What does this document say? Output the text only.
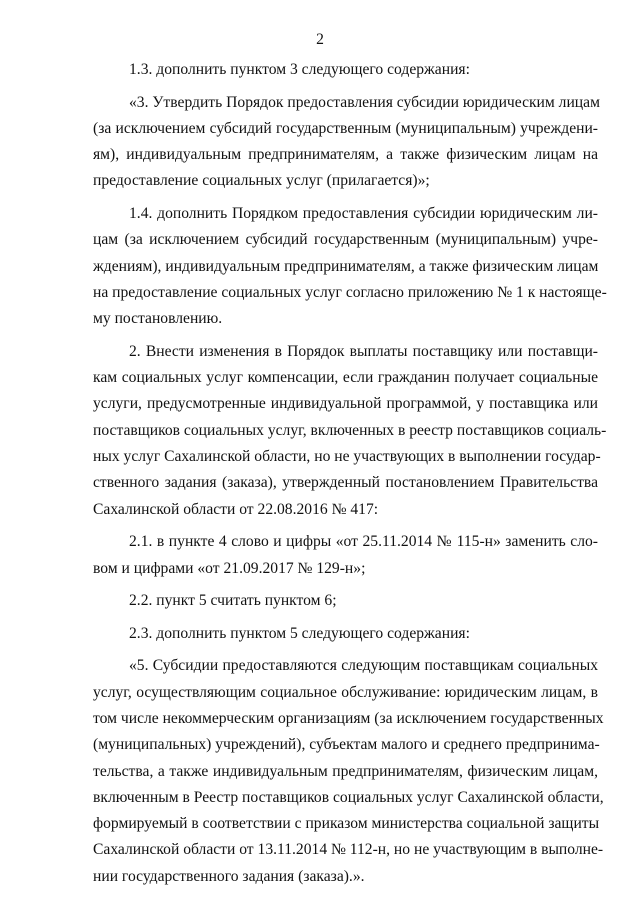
2
1.3. дополнить пунктом 3 следующего содержания:
«3. Утвердить Порядок предоставления субсидии юридическим лицам
(за исключением субсидий государственным (муниципальным) учреждени-
ям), индивидуальным предпринимателям, а также физическим лицам на
предоставление социальных услуг (прилагается)»;
1.4. дополнить Порядком предоставления субсидии юридическим ли-
цам (за исключением субсидий государственным (муниципальным) учре-
ждениям), индивидуальным предпринимателям, а также физическим лицам
на предоставление социальных услуг согласно приложению № 1 к настояще-
му постановлению.
2. Внести изменения в Порядок выплаты поставщику или поставщи-
кам социальных услуг компенсации, если гражданин получает социальные
услуги, предусмотренные индивидуальной программой, у поставщика или
поставщиков социальных услуг, включенных в реестр поставщиков социаль-
ных услуг Сахалинской области, но не участвующих в выполнении государ-
ственного задания (заказа), утвержденный постановлением Правительства
Сахалинской области от 22.08.2016 № 417:
2.1. в пункте 4 слово и цифры «от 25.11.2014 № 115-н» заменить сло-
вом и цифрами «от 21.09.2017 № 129-н»;
2.2. пункт 5 считать пунктом 6;
2.3. дополнить пунктом 5 следующего содержания:
«5. Субсидии предоставляются следующим поставщикам социальных
услуг, осуществляющим социальное обслуживание: юридическим лицам, в
том числе некоммерческим организациям (за исключением государственных
(муниципальных) учреждений), субъектам малого и среднего предпринима-
тельства, а также индивидуальным предпринимателям, физическим лицам,
включенным в Реестр поставщиков социальных услуг Сахалинской области,
формируемый в соответствии с приказом министерства социальной защиты
Сахалинской области от 13.11.2014 № 112-н, но не участвующим в выполне-
нии государственного задания (заказа).».
